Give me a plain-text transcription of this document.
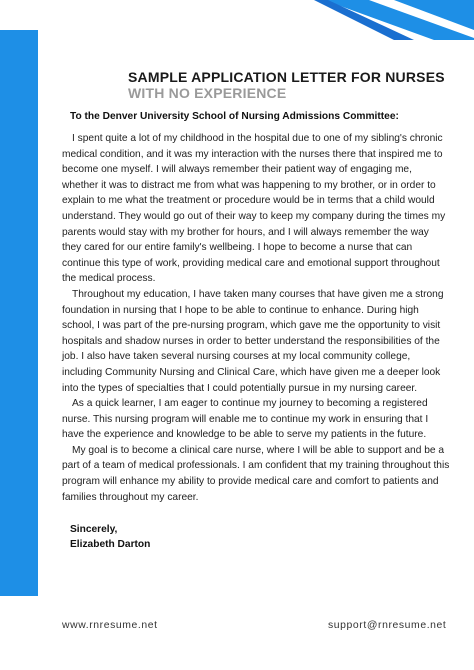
SAMPLE APPLICATION LETTER FOR NURSES
WITH NO EXPERIENCE
To the Denver University School of Nursing Admissions Committee:

I spent quite a lot of my childhood in the hospital due to one of my sibling's chronic medical condition, and it was my interaction with the nurses there that inspired me to become one myself. I will always remember their patient way of engaging me, whether it was to distract me from what was happening to my brother, or in order to explain to me what the treatment or procedure would be in terms that a child would understand. They would go out of their way to keep my company during the times my parents would stay with my brother for hours, and I will always remember the way they cared for our entire family's wellbeing. I hope to become a nurse that can continue this type of work, providing medical care and emotional support throughout the medical process.

Throughout my education, I have taken many courses that have given me a strong foundation in nursing that I hope to be able to continue to enhance. During high school, I was part of the pre-nursing program, which gave me the opportunity to visit hospitals and shadow nurses in order to better understand the responsibilities of the job. I also have taken several nursing courses at my local community college, including Community Nursing and Clinical Care, which have given me a deeper look into the types of specialties that I could potentially pursue in my nursing career.

As a quick learner, I am eager to continue my journey to becoming a registered nurse. This nursing program will enable me to continue my work in ensuring that I have the experience and knowledge to be able to serve my patients in the future.

My goal is to become a clinical care nurse, where I will be able to support and be a part of a team of medical professionals. I am confident that my training throughout this program will enhance my ability to provide medical care and comfort to patients and families throughout my career.

Sincerely,
Elizabeth Darton
www.rnresume.net	support@rnresume.net
